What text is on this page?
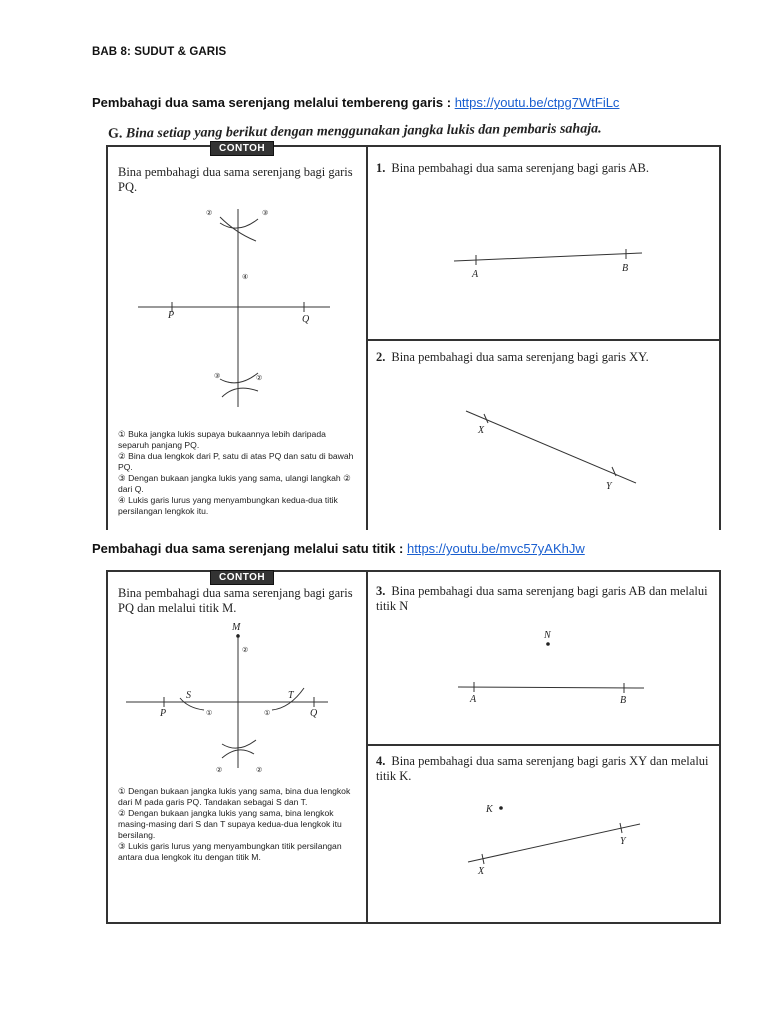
BAB 8: SUDUT & GARIS
Pembahagi dua sama serenjang melalui tembereng garis : https://youtu.be/ctpg7WtFiLc
G. Bina setiap yang berikut dengan menggunakan jangka lukis dan pembaris sahaja.
CONTOH
Bina pembahagi dua sama serenjang bagi garis PQ.
P	Q
②	③
④
③	②
① Buka jangka lukis supaya bukaannya lebih daripada separuh panjang PQ.
② Bina dua lengkok dari P, satu di atas PQ dan satu di bawah PQ.
③ Dengan bukaan jangka lukis yang sama, ulangi langkah ② dari Q.
④ Lukis garis lurus yang menyambungkan kedua-dua titik persilangan lengkok itu.
1. Bina pembahagi dua sama serenjang bagi garis AB.
A
B
2. Bina pembahagi dua sama serenjang bagi garis XY.
X
Y
Pembahagi dua sama serenjang melalui satu titik : https://youtu.be/mvc57yAKhJw
CONTOH
Bina pembahagi dua sama serenjang bagi garis PQ dan melalui titik M.
M
P	Q
S	T
②
①	①
②	②
① Dengan bukaan jangka lukis yang sama, bina dua lengkok dari M pada garis PQ. Tandakan sebagai S dan T.
② Dengan bukaan jangka lukis yang sama, bina lengkok masing-masing dari S dan T supaya kedua-dua lengkok itu bersilang.
③ Lukis garis lurus yang menyambungkan titik persilangan antara dua lengkok itu dengan titik M.
3. Bina pembahagi dua sama serenjang bagi garis AB dan melalui titik N
N
A	B
4. Bina pembahagi dua sama serenjang bagi garis XY dan melalui titik K.
K
X
Y
